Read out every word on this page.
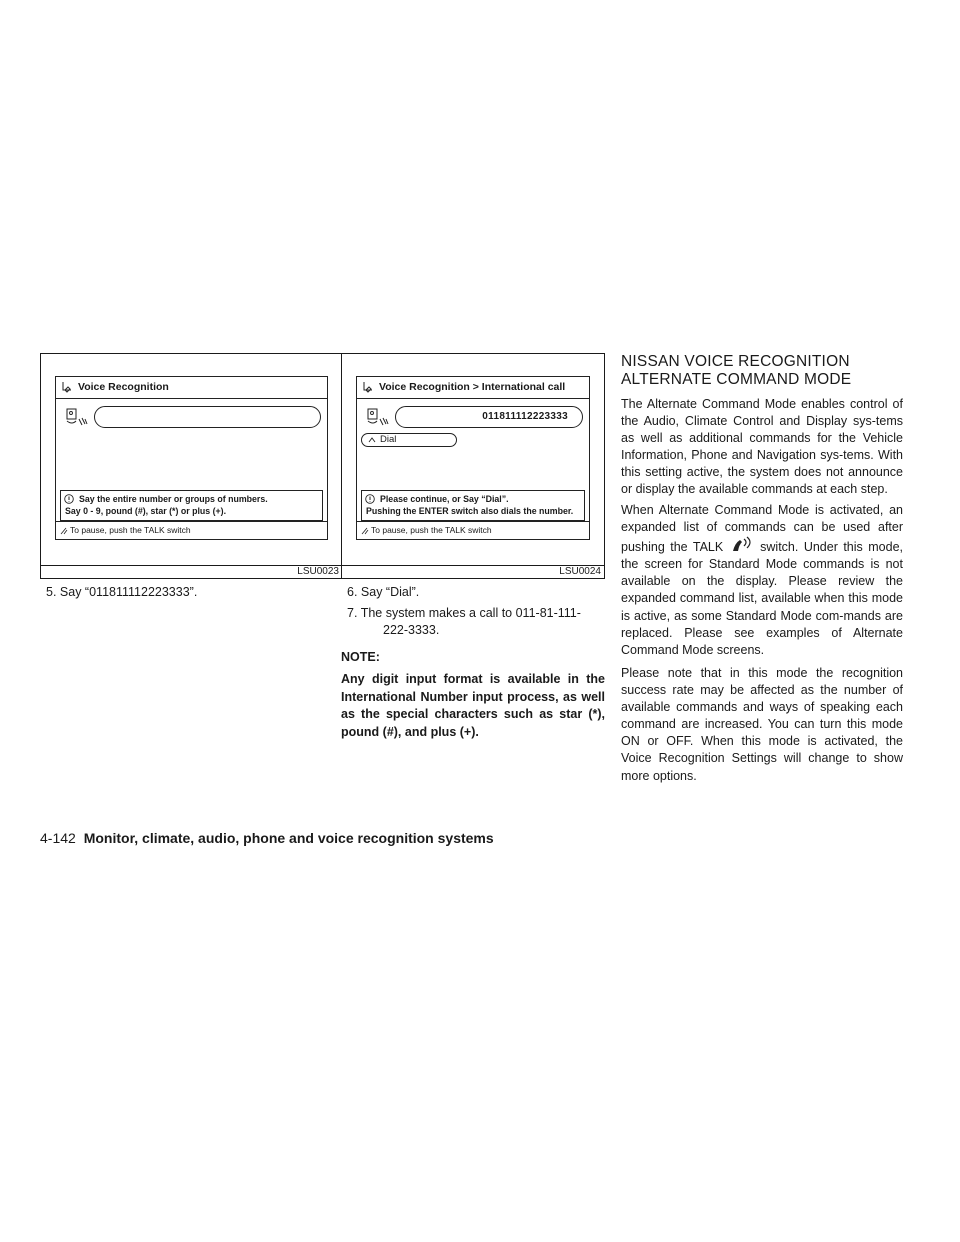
Voice Recognition
Say the entire number or groups of numbers.
Say 0 - 9, pound (#), star (*) or plus (+).
To pause, push the TALK switch
LSU0023
Voice Recognition > International call
011811112223333
Dial
Please continue, or Say “Dial”.
Pushing the ENTER switch also dials the number.
To pause, push the TALK switch
LSU0024
5. Say “011811112223333”.	6. Say “Dial”.
7. The system makes a call to 011-81-111-
222-3333.
NOTE:
Any digit input format is available in the International Number input process, as well as the special characters such as star (*), pound (#), and plus (+).
NISSAN VOICE RECOGNITION
ALTERNATE COMMAND MODE
The Alternate Command Mode enables control of the Audio, Climate Control and Display sys-tems as well as additional commands for the Vehicle Information, Phone and Navigation sys-tems. With this setting active, the system does not announce or display the available commands at each step.
When Alternate Command Mode is activated, an expanded list of commands can be used after pushing the TALK	switch. Under this mode, the screen for Standard Mode commands is not available on the display. Please review the expanded command list, available when this mode is active, as some Standard Mode com-mands are replaced. Please see examples of Alternate Command Mode screens.
Please note that in this mode the recognition success rate may be affected as the number of available commands and ways of speaking each command are increased. You can turn this mode ON or OFF. When this mode is activated, the Voice Recognition Settings will change to show more options.
4-142 Monitor, climate, audio, phone and voice recognition systems
